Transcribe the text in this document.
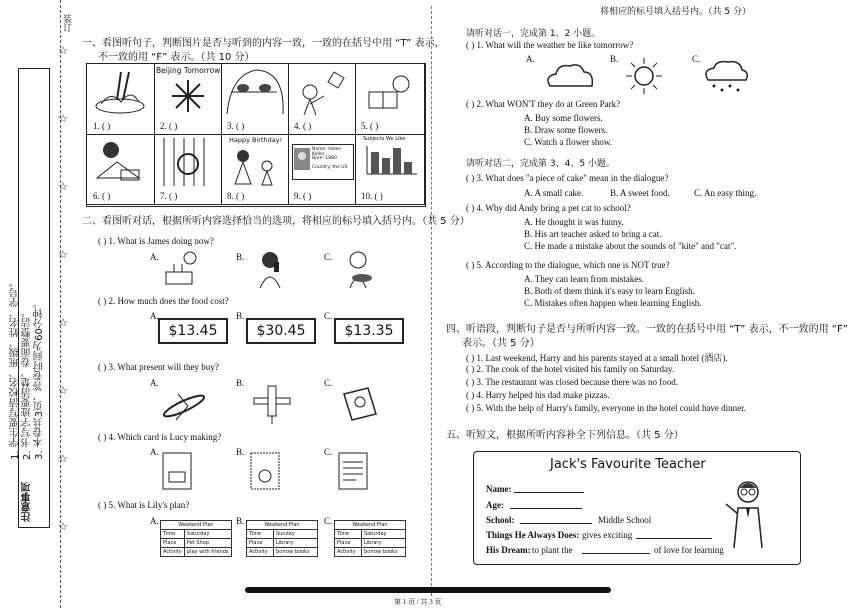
装订
注意事项
3. 本卷共3页，答卷时间为60分钟。
2. 书写字迹要清楚，卷面要整洁。
1. 学生要写清校名、班级、姓名、学号。
☆
☆
☆
☆
☆
☆
☆
☆
一、看图听句子，判断图片是否与听到的内容一致，一致的在括号中用 “T” 表示，
不一致的用 “F” 表示。（共 10 分）
1. ( )
Beijing Tomorrow
2. ( )	3. ( )	4. ( )	5. ( )
6. ( )	7. ( )
Happy Birthday!
8. ( )
Name: Helen Keller
Born: 1880
Country: the US
9. ( )
Subjects We Like
10. ( )
二、看图听对话，根据所听内容选择恰当的选项，将相应的标号填入括号内。（共 5 分）
( ) 1. What is James doing now?
A.	B.	C.
( ) 2. How much does the food cost?
A.	B.	C.
$13.45	$30.45	$13.35
( ) 3. What present will they buy?
A.	B.	C.
( ) 4. Which card is Lucy making?
A.	B.	C.
( ) 5. What is Lily's plan?
A.	B.	C.
Weekend Plan	
Time	Saturday
Place	Pet Shop
Activity	play with friends
Weekend Plan	
Time	Sunday
Place	Library
Activity	borrow books
Weekend Plan	
Time	Saturday
Place	Library
Activity	borrow books
将相应的标号填入括号内。（共 5 分）
请听对话一，完成第 1、2 小题。
( ) 1. What will the weather be like tomorrow?
A.	B.	C.
( ) 2. What WON'T they do at Green Park?
A. Buy some flowers.
B. Draw some flowers.
C. Watch a flower show.
请听对话二，完成第 3、4、5 小题。
( ) 3. What does "a piece of cake" mean in the dialogue?
A. A small cake.	B. A sweet food.	C. An easy thing.
( ) 4. Why did Andy bring a pet cat to school?
A. He thought it was funny.
B. His art teacher asked to bring a cat.
C. He made a mistake about the sounds of "kite" and "cat".
( ) 5. According to the dialogue, which one is NOT true?
A. They can learn from mistakes.
B. Both of them think it's easy to learn English.
C. Mistakes often happen when learning English.
四、听语段，判断句子是否与所听内容一致。一致的在括号中用 “T” 表示，不一致的用 “F”
表示。（共 5 分）
( ) 1. Last weekend, Harry and his parents stayed at a small hotel (酒店).
( ) 2. The cook of the hotel visited his family on Saturday.
( ) 3. The restaurant was closed because there was no food.
( ) 4. Harry helped his dad make pizzas.
( ) 5. With the help of Harry's family, everyone in the hotel could have dinner.
五、听短文，根据所听内容补全下列信息。（共 5 分）
Jack's Favourite Teacher
Name:
Age:
School:	Middle School
Things He Always Does: gives exciting
His Dream: to plant the	of love for learning
第 1 页 / 共 3 页
